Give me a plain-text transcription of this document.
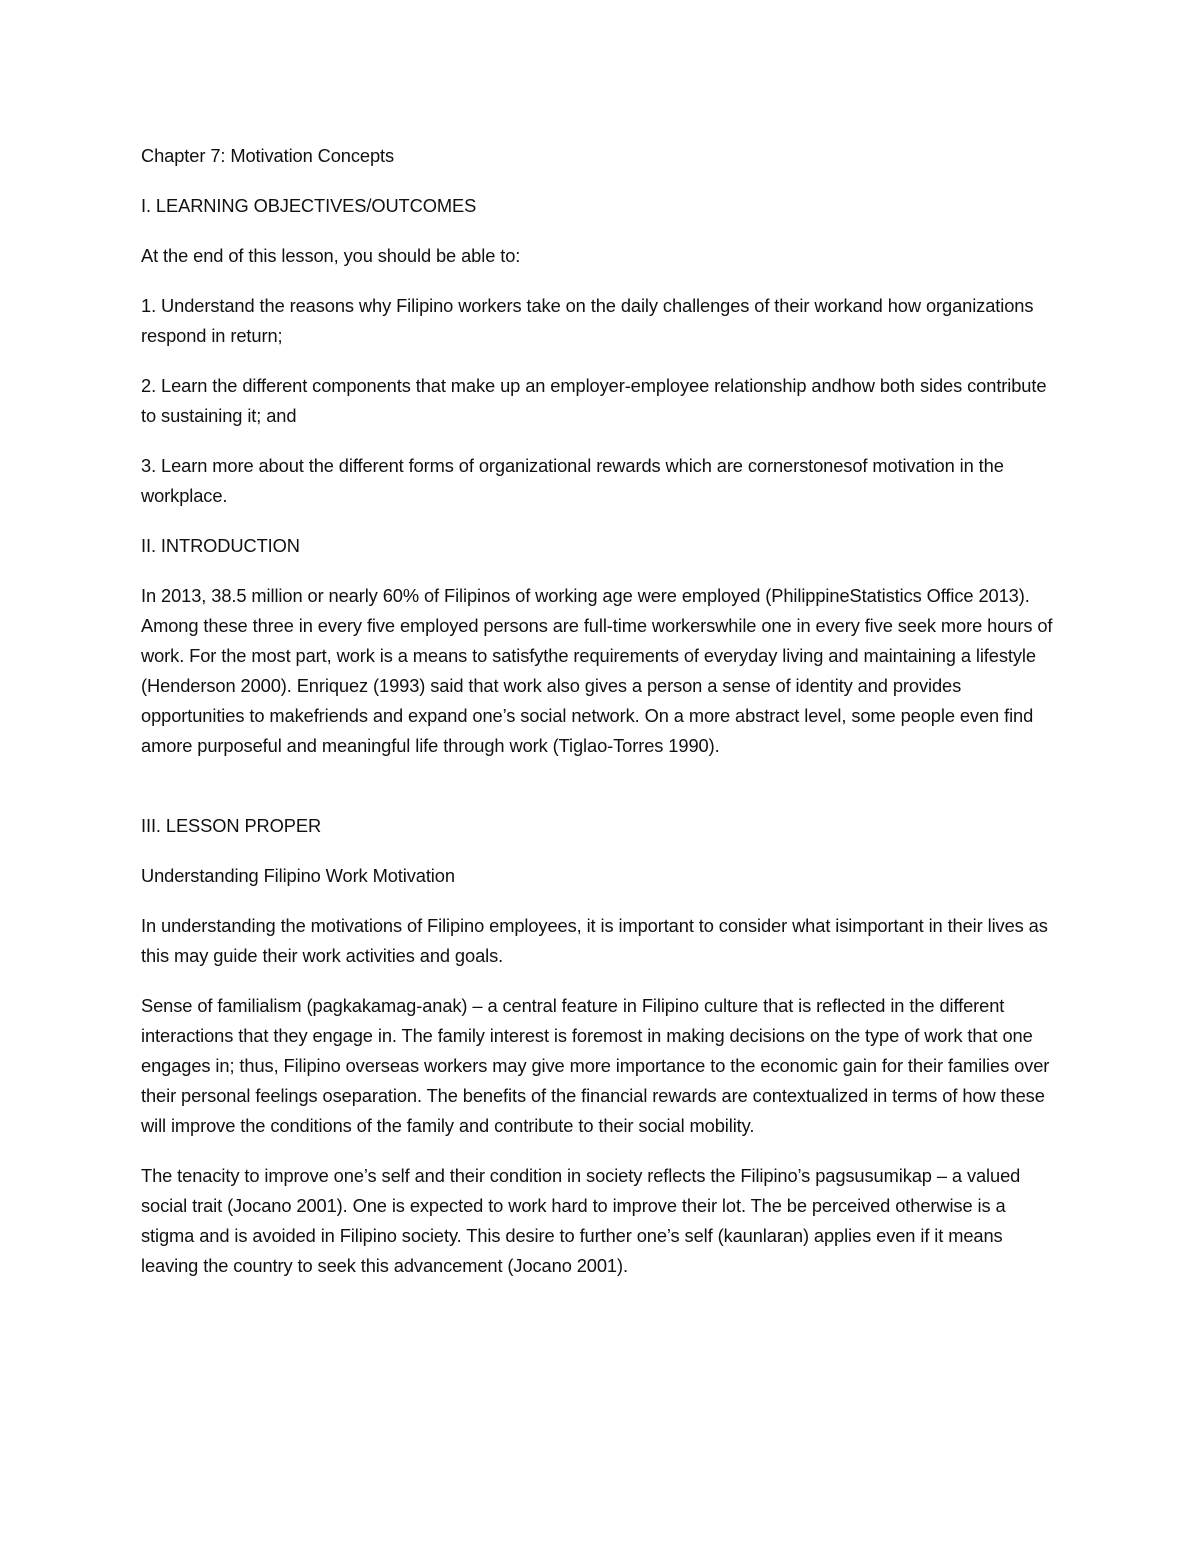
Chapter 7: Motivation Concepts

I. LEARNING OBJECTIVES/OUTCOMES

At the end of this lesson, you should be able to:

1. Understand the reasons why Filipino workers take on the daily challenges of their workand how organizations respond in return;

2. Learn the different components that make up an employer-employee relationship andhow both sides contribute to sustaining it; and

3. Learn more about the different forms of organizational rewards which are cornerstonesof motivation in the workplace.

II. INTRODUCTION

In 2013, 38.5 million or nearly 60% of Filipinos of working age were employed (PhilippineStatistics Office 2013). Among these three in every five employed persons are full-time workerswhile one in every five seek more hours of work. For the most part, work is a means to satisfythe requirements of everyday living and maintaining a lifestyle (Henderson 2000). Enriquez (1993) said that work also gives a person a sense of identity and provides opportunities to makefriends and expand one’s social network. On a more abstract level, some people even find amore purposeful and meaningful life through work (Tiglao-Torres 1990).

III. LESSON PROPER

Understanding Filipino Work Motivation

In understanding the motivations of Filipino employees, it is important to consider what isimportant in their lives as this may guide their work activities and goals.

Sense of familialism (pagkakamag-anak) – a central feature in Filipino culture that is reflected in the different interactions that they engage in. The family interest is foremost in making decisions on the type of work that one engages in; thus, Filipino overseas workers may give more importance to the economic gain for their families over their personal feelings oseparation. The benefits of the financial rewards are contextualized in terms of how these will improve the conditions of the family and contribute to their social mobility.

The tenacity to improve one’s self and their condition in society reflects the Filipino’s pagsusumikap – a valued social trait (Jocano 2001). One is expected to work hard to improve their lot. The be perceived otherwise is a stigma and is avoided in Filipino society. This desire to further one’s self (kaunlaran) applies even if it means leaving the country to seek this advancement (Jocano 2001).
